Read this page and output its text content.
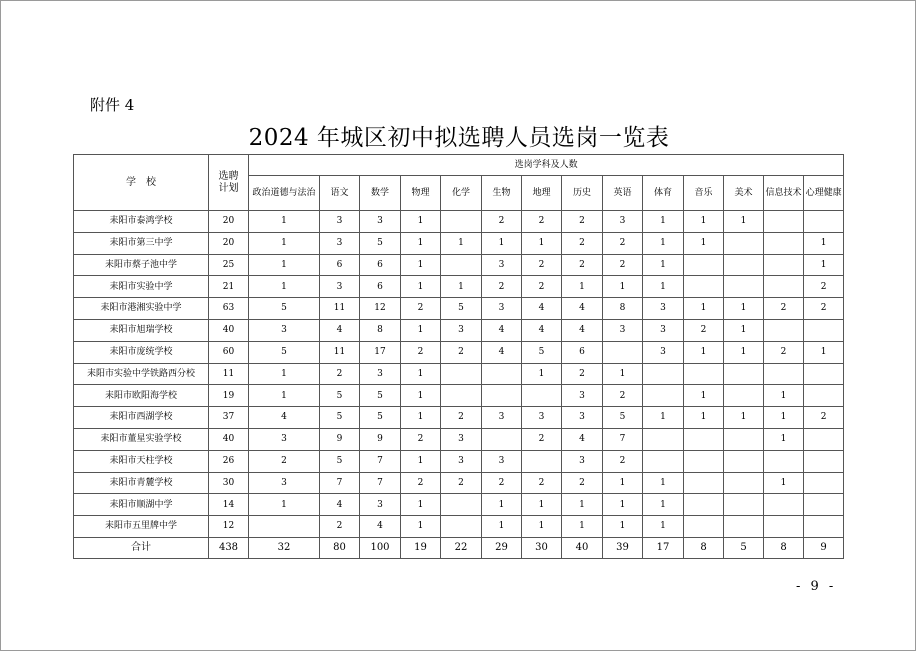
附件 4
2024 年城区初中拟选聘人员选岗一览表
学　校	选聘
计划	选岗学科及人数													
		政治道德与法治	语文	数学	物理	化学	生物	地理	历史	英语	体育	音乐	美术	信息技术	心理健康
耒阳市泰鸿学校	20	1	3	3	1		2	2	2	3	1	1	1		
耒阳市第三中学	20	1	3	5	1	1	1	1	2	2	1	1			1
耒阳市蔡子池中学	25	1	6	6	1		3	2	2	2	1				1
耒阳市实验中学	21	1	3	6	1	1	2	2	1	1	1				2
耒阳市港湘实验中学	63	5	11	12	2	5	3	4	4	8	3	1	1	2	2
耒阳市旭瑞学校	40	3	4	8	1	3	4	4	4	3	3	2	1		
耒阳市庞统学校	60	5	11	17	2	2	4	5	6		3	1	1	2	1
耒阳市实验中学铁路西分校	11	1	2	3	1			1	2	1					
耒阳市欧阳海学校	19	1	5	5	1				3	2		1		1	
耒阳市西湖学校	37	4	5	5	1	2	3	3	3	5	1	1	1	1	2
耒阳市董星实验学校	40	3	9	9	2	3		2	4	7				1	
耒阳市天柱学校	26	2	5	7	1	3	3		3	2					
耒阳市青麓学校	30	3	7	7	2	2	2	2	2	1	1			1	
耒阳市顺湖中学	14	1	4	3	1		1	1	1	1	1				
耒阳市五里牌中学	12		2	4	1		1	1	1	1	1				
合计	438	32	80	100	19	22	29	30	40	39	17	8	5	8	9
- 9 -
